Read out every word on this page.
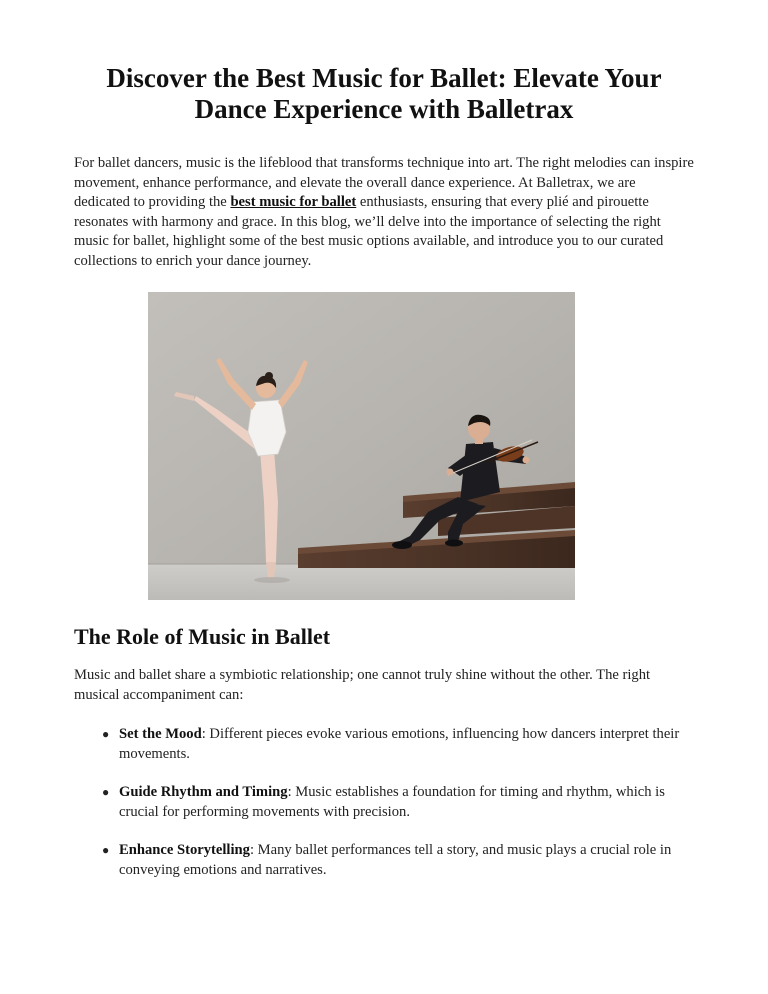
Discover the Best Music for Ballet: Elevate Your Dance Experience with Balletrax

For ballet dancers, music is the lifeblood that transforms technique into art. The right melodies can inspire movement, enhance performance, and elevate the overall dance experience. At Balletrax, we are dedicated to providing the best music for ballet enthusiasts, ensuring that every plié and pirouette resonates with harmony and grace. In this blog, we’ll delve into the importance of selecting the right music for ballet, highlight some of the best music options available, and introduce you to our curated collections to enrich your dance journey.

The Role of Music in Ballet

Music and ballet share a symbiotic relationship; one cannot truly shine without the other. The right musical accompaniment can:

● Set the Mood: Different pieces evoke various emotions, influencing how dancers interpret their movements.
● Guide Rhythm and Timing: Music establishes a foundation for timing and rhythm, which is crucial for performing movements with precision.
● Enhance Storytelling: Many ballet performances tell a story, and music plays a crucial role in conveying emotions and narratives.
